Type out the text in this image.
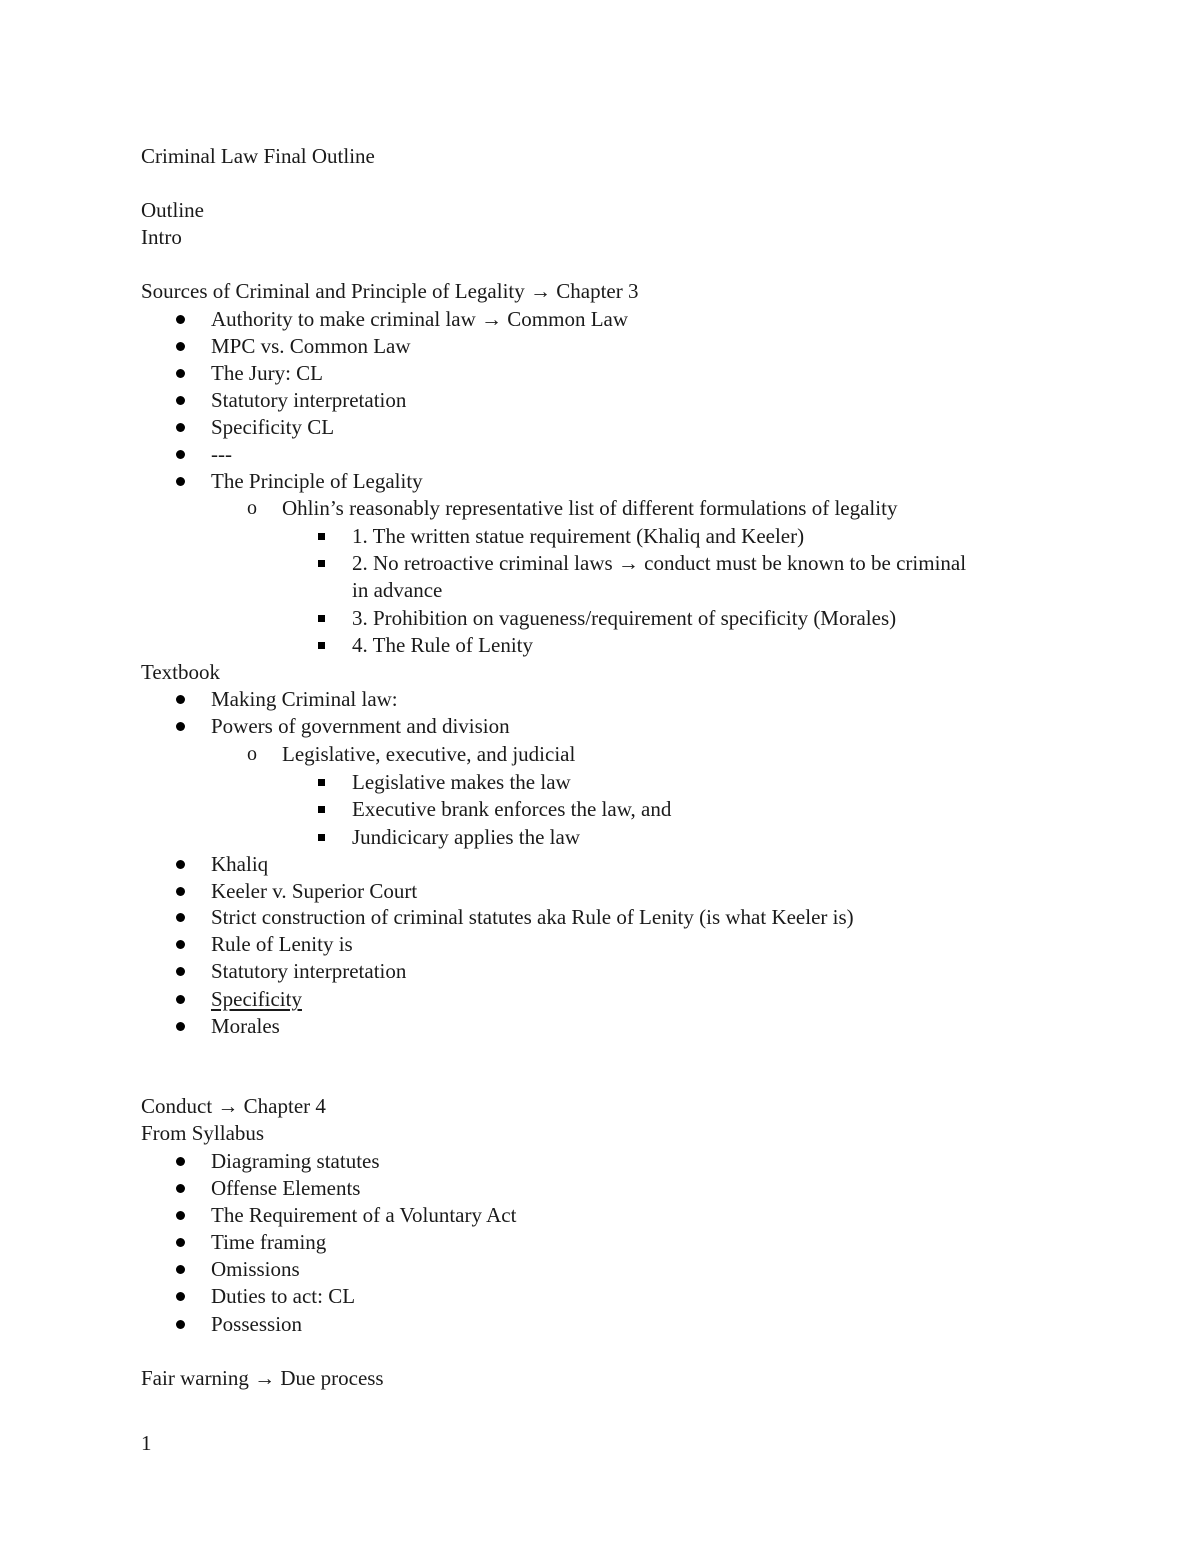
Criminal Law Final Outline
Outline
Intro
Sources of Criminal and Principle of Legality → Chapter 3
Authority to make criminal law → Common Law
MPC vs. Common Law
The Jury: CL
Statutory interpretation
Specificity CL
---
The Principle of Legality
o Ohlin’s reasonably representative list of different formulations of legality
1. The written statue requirement (Khaliq and Keeler)
2. No retroactive criminal laws → conduct must be known to be criminal
in advance
3. Prohibition on vagueness/requirement of specificity (Morales)
4. The Rule of Lenity
Textbook
Making Criminal law:
Powers of government and division
o Legislative, executive, and judicial
Legislative makes the law
Executive brank enforces the law, and
Jundicicary applies the law
Khaliq
Keeler v. Superior Court
Strict construction of criminal statutes aka Rule of Lenity (is what Keeler is)
Rule of Lenity is
Statutory interpretation
Specificity
Morales
Conduct → Chapter 4
From Syllabus
Diagraming statutes
Offense Elements
The Requirement of a Voluntary Act
Time framing
Omissions
Duties to act: CL
Possession
Fair warning → Due process
1
